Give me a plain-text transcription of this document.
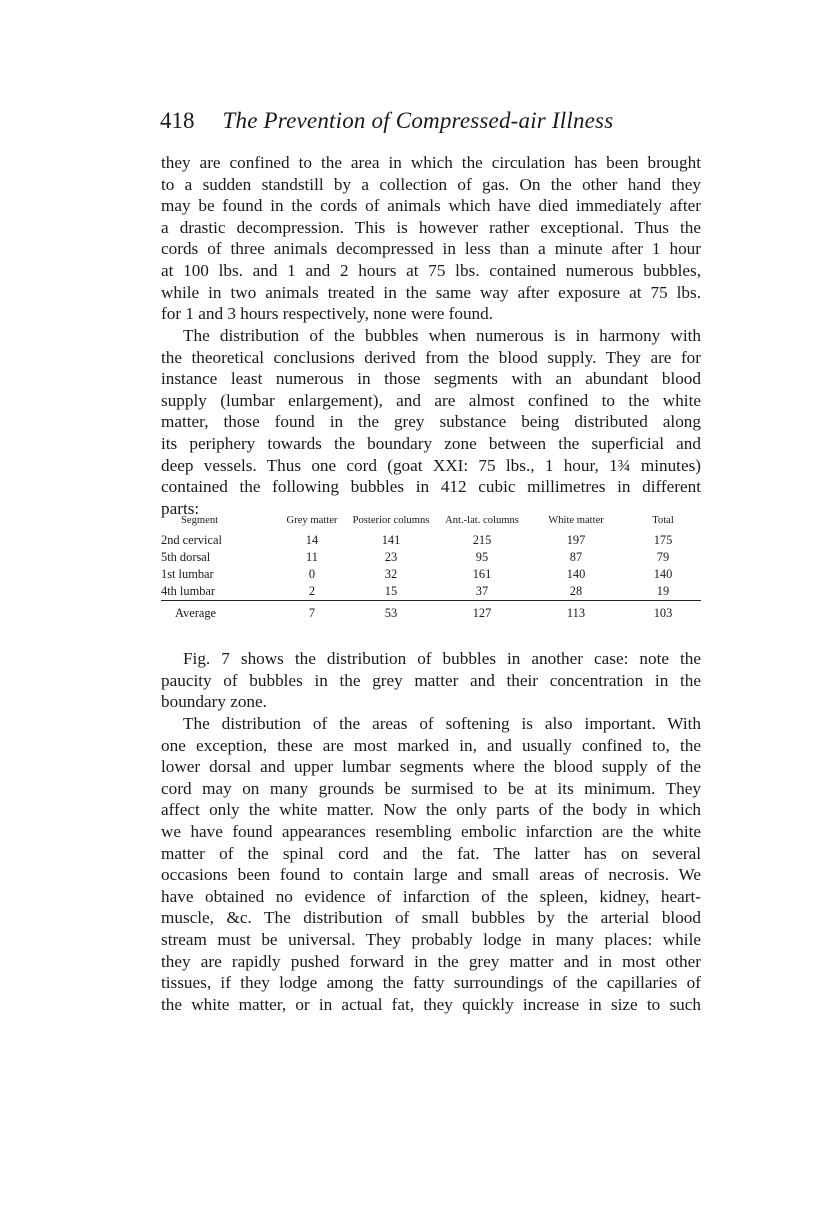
418 The Prevention of Compressed-air Illness

they are confined to the area in which the circulation has been brought
to a sudden standstill by a collection of gas. On the other hand they
may be found in the cords of animals which have died immediately after
a drastic decompression. This is however rather exceptional. Thus the
cords of three animals decompressed in less than a minute after 1 hour
at 100 lbs. and 1 and 2 hours at 75 lbs. contained numerous bubbles,
while in two animals treated in the same way after exposure at 75 lbs.
for 1 and 3 hours respectively, none were found.

The distribution of the bubbles when numerous is in harmony with
the theoretical conclusions derived from the blood supply. They are for
instance least numerous in those segments with an abundant blood
supply (lumbar enlargement), and are almost confined to the white
matter, those found in the grey substance being distributed along
its periphery towards the boundary zone between the superficial and
deep vessels. Thus one cord (goat XXI: 75 lbs., 1 hour, 1¾ minutes)
contained the following bubbles in 412 cubic millimetres in different
parts:

Segment	Grey matter	Posterior columns	Ant.-lat. columns	White matter	Total
2nd cervical	14	141	215	197	175
5th dorsal	11	23	95	87	79
1st lumbar	0	32	161	140	140
4th lumbar	2	15	37	28	19
Average	7	53	127	113	103

Fig. 7 shows the distribution of bubbles in another case: note the
paucity of bubbles in the grey matter and their concentration in the
boundary zone.

The distribution of the areas of softening is also important. With
one exception, these are most marked in, and usually confined to, the
lower dorsal and upper lumbar segments where the blood supply of the
cord may on many grounds be surmised to be at its minimum. They
affect only the white matter. Now the only parts of the body in which
we have found appearances resembling embolic infarction are the white
matter of the spinal cord and the fat. The latter has on several
occasions been found to contain large and small areas of necrosis. We
have obtained no evidence of infarction of the spleen, kidney, heart-
muscle, &c. The distribution of small bubbles by the arterial blood
stream must be universal. They probably lodge in many places: while
they are rapidly pushed forward in the grey matter and in most other
tissues, if they lodge among the fatty surroundings of the capillaries of
the white matter, or in actual fat, they quickly increase in size to such
